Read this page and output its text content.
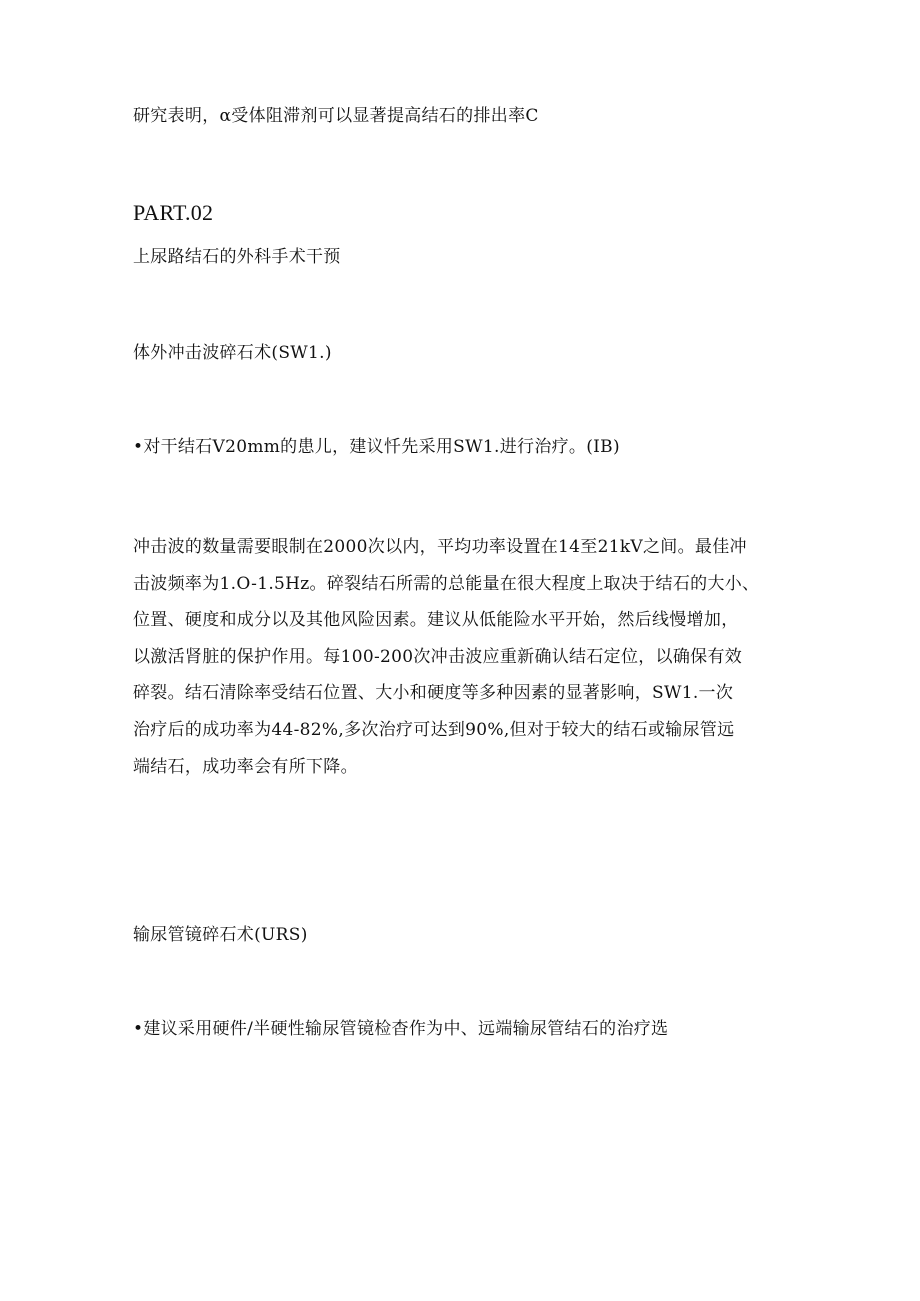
研究表明，α受体阻滞剂可以显著提高结石的排出率C
PART.02
上尿路结石的外科手术干预
体外冲击波碎石术(SW1.)
•对干结石V20mm的患儿，建议忏先采用SW1.进行治疗。(IB)

冲击波的数量需要眼制在2000次以内，平均功率设置在14至21kV之间。最佳冲
击波频率为1.O-1.5Hz。碎裂结石所需的总能量在很大程度上取决于结石的大小、
位置、硬度和成分以及其他风险因素。建议从低能险水平开始，然后线慢增加，
以激活肾脏的保护作用。每100-200次冲击波应重新确认结石定位，以确保有效
碎裂。结石清除率受结石位置、大小和硬度等多种因素的显著影响，SW1.一次
治疗后的成功率为44-82%,多次治疗可达到90%,但对于较大的结石或输尿管远
端结石，成功率会有所下降。

输尿管镜碎石术(URS)
•建议采用硬件/半硬性输尿管镜检杳作为中、远端输尿管结石的治疗选
